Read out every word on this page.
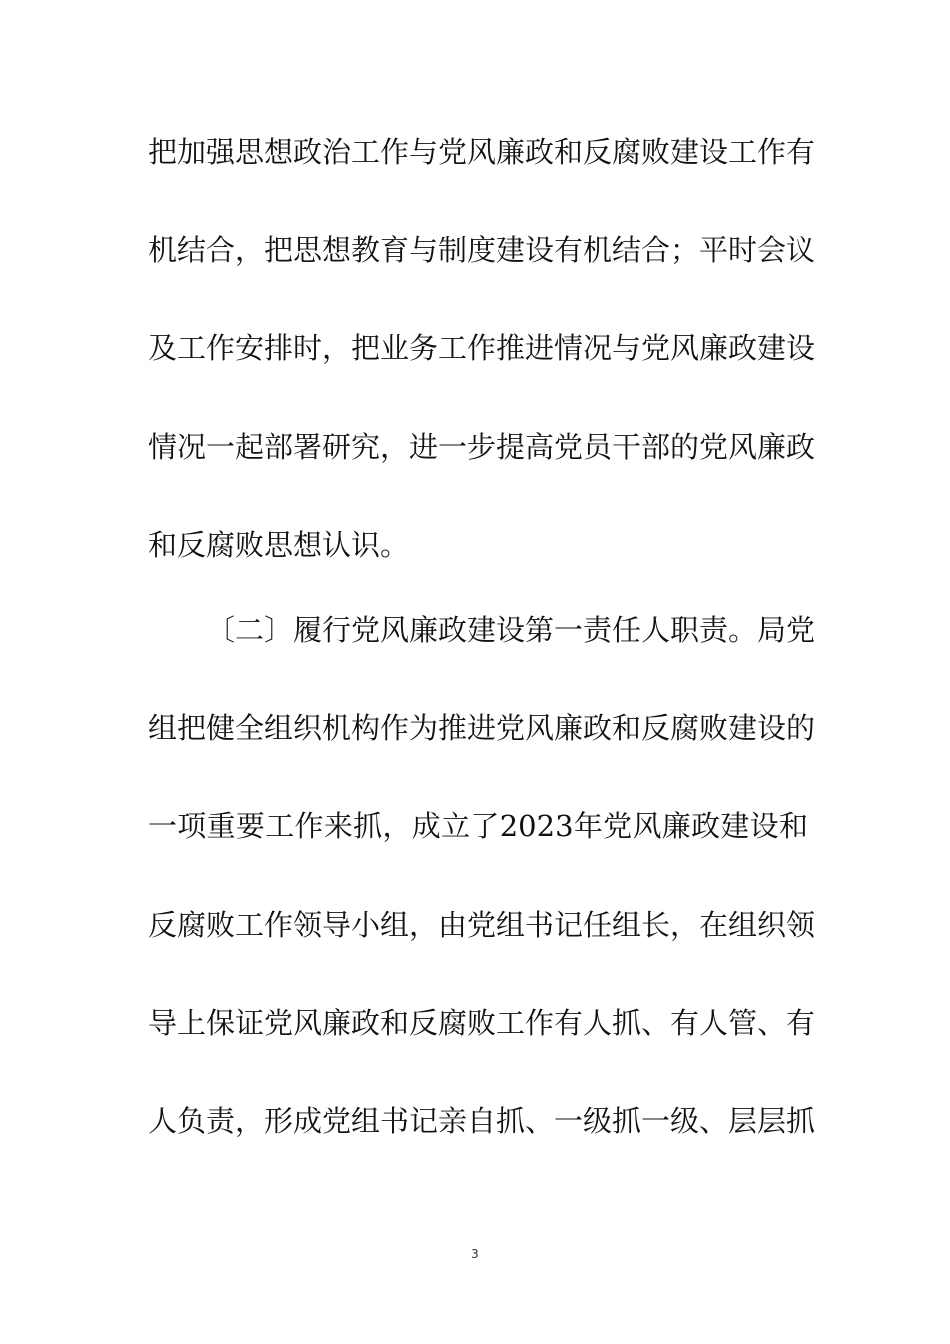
把加强思想政治工作与党风廉政和反腐败建设工作有
机结合，把思想教育与制度建设有机结合；平时会议
及工作安排时，把业务工作推进情况与党风廉政建设
情况一起部署研究，进一步提高党员干部的党风廉政
和反腐败思想认识。
〔二〕履行党风廉政建设第一责任人职责。局党
组把健全组织机构作为推进党风廉政和反腐败建设的
一项重要工作来抓，成立了2023年党风廉政建设和
反腐败工作领导小组，由党组书记任组长，在组织领
导上保证党风廉政和反腐败工作有人抓、有人管、有
人负责，形成党组书记亲自抓、一级抓一级、层层抓
3
